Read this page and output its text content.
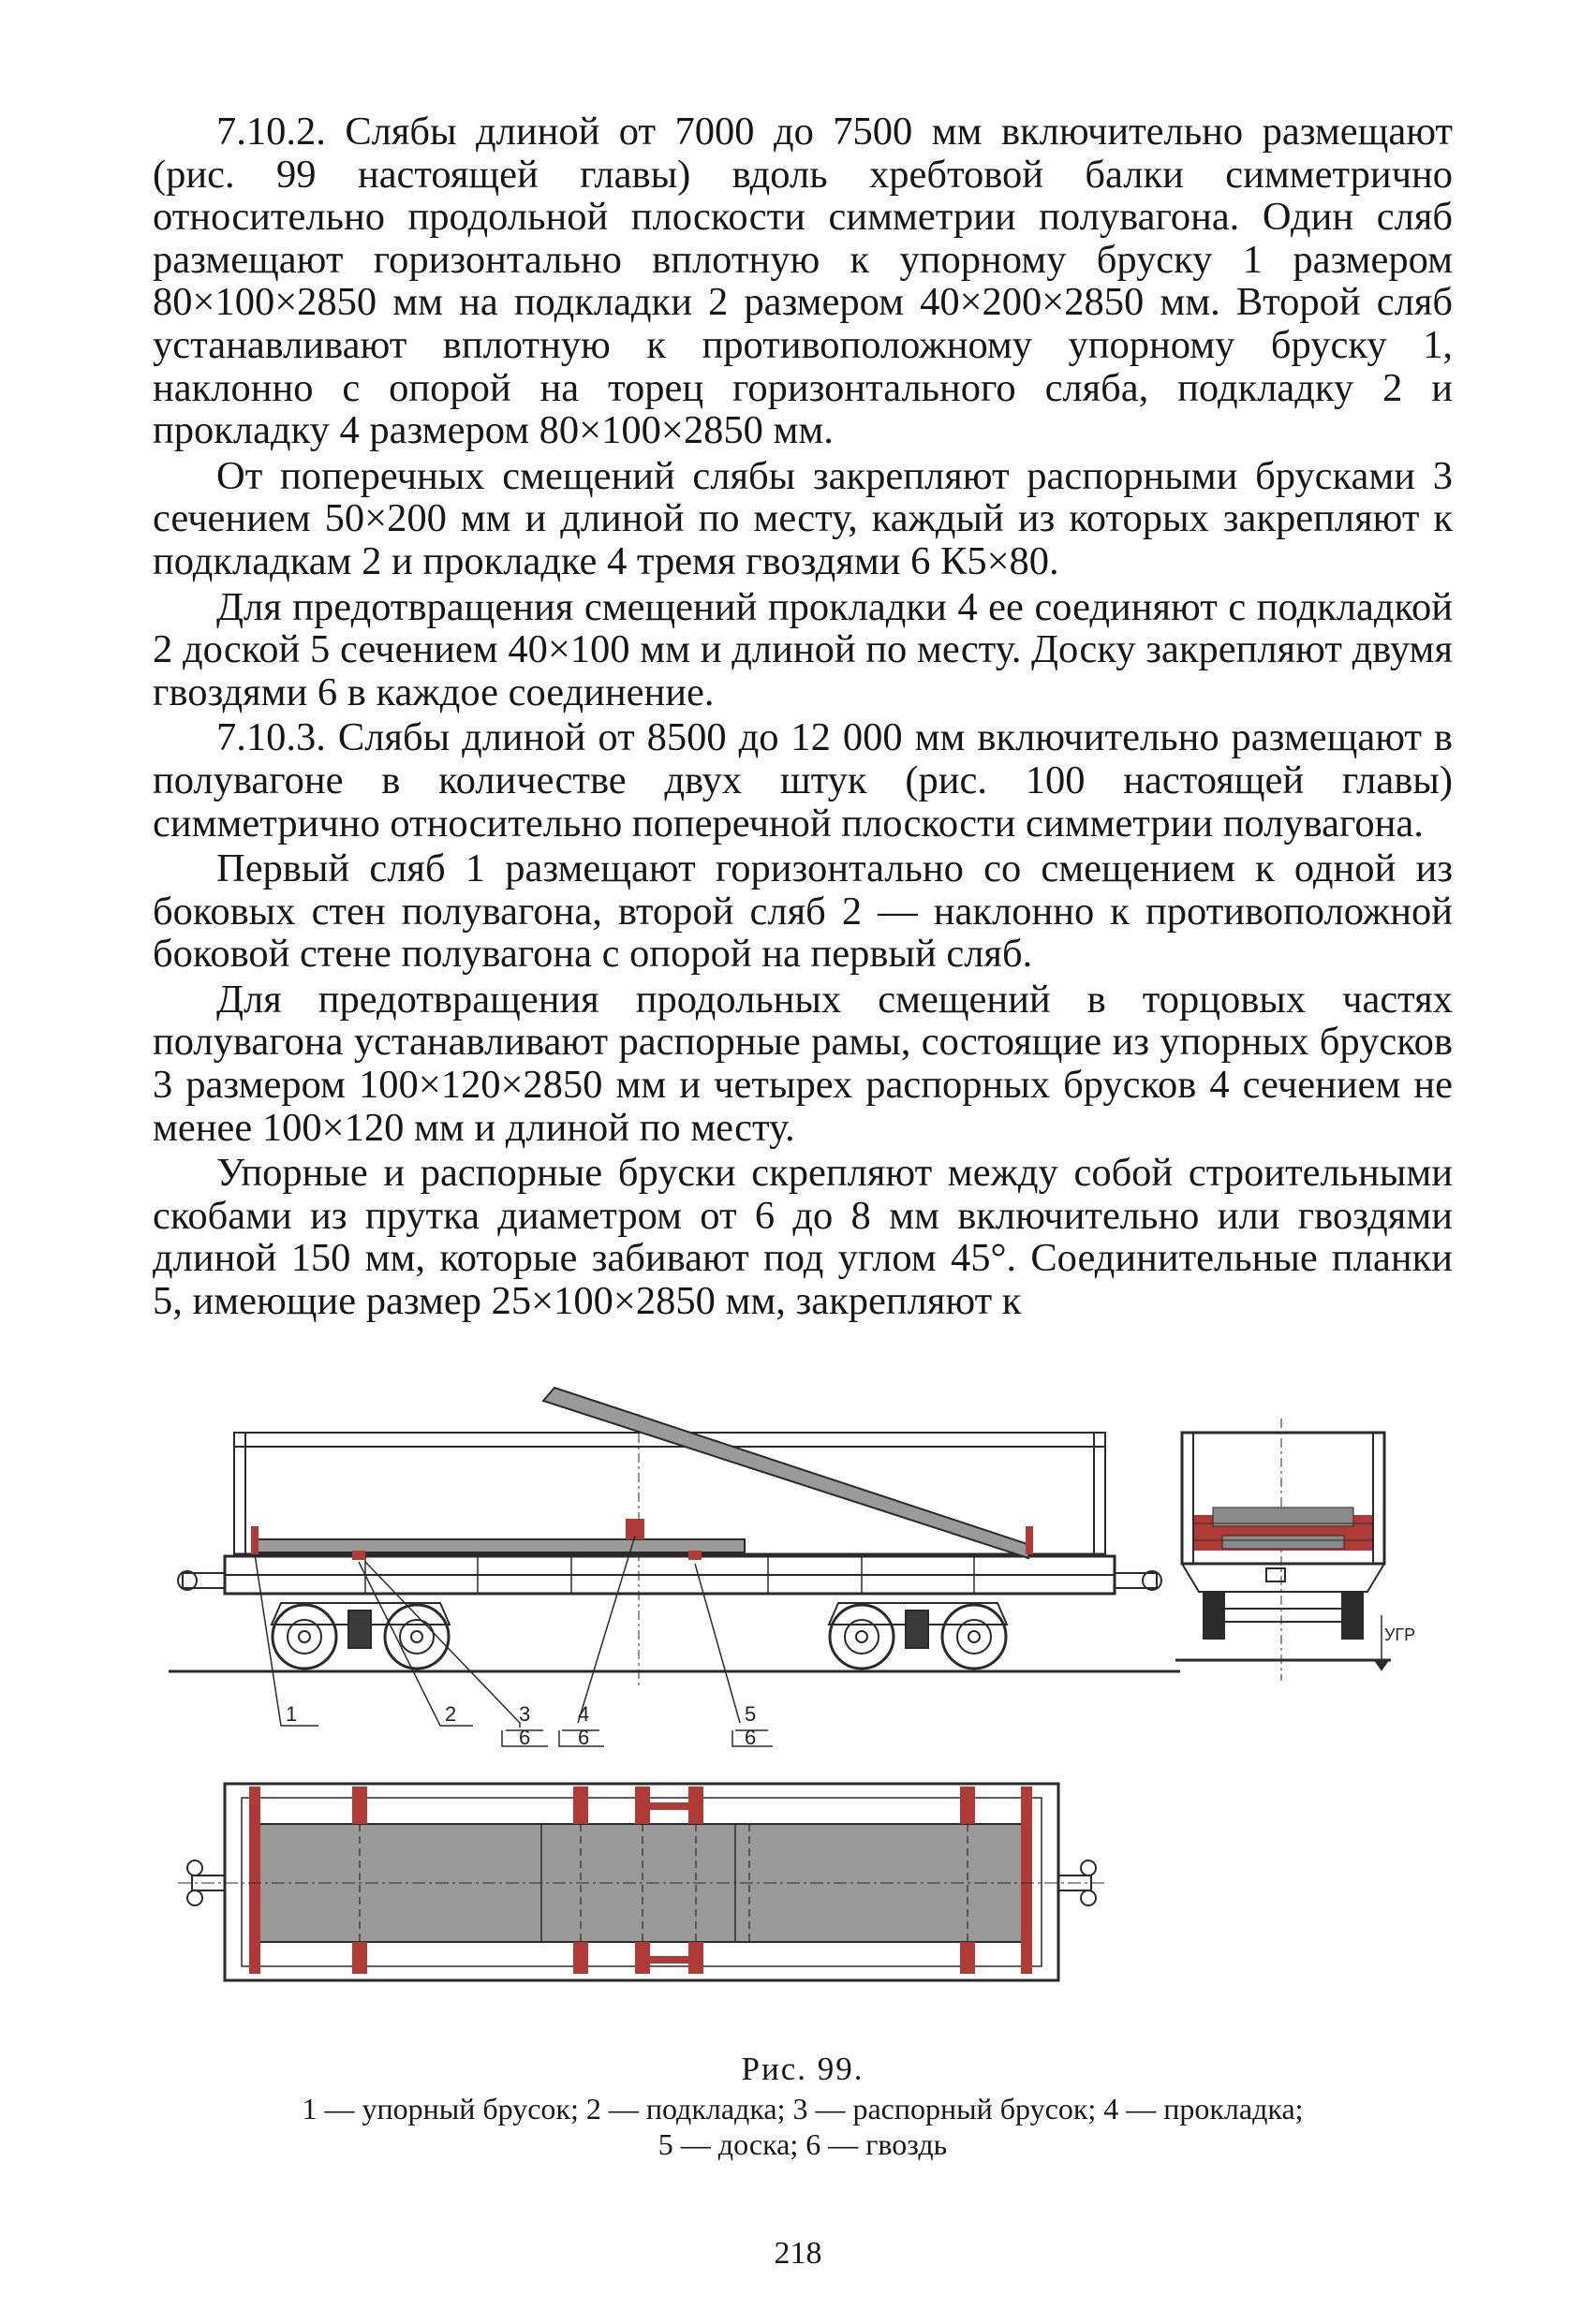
7.10.2. Слябы длиной от 7000 до 7500 мм включительно размещают (рис. 99 настоящей главы) вдоль хребтовой балки симметрично относительно продольной плоскости симметрии полувагона. Один сляб размещают горизонтально вплотную к упорному бруску 1 размером 80×100×2850 мм на подкладки 2 размером 40×200×2850 мм. Второй сляб устанавливают вплотную к противоположному упорному бруску 1, наклонно с опорой на торец горизонтального сляба, подкладку 2 и прокладку 4 размером 80×100×2850 мм.

От поперечных смещений слябы закрепляют распорными брусками 3 сечением 50×200 мм и длиной по месту, каждый из которых закрепляют к подкладкам 2 и прокладке 4 тремя гвоздями 6 К5×80.

Для предотвращения смещений прокладки 4 ее соединяют с подкладкой 2 доской 5 сечением 40×100 мм и длиной по месту. Доску закрепляют двумя гвоздями 6 в каждое соединение.

7.10.3. Слябы длиной от 8500 до 12 000 мм включительно размещают в полувагоне в количестве двух штук (рис. 100 настоящей главы) симметрично относительно поперечной плоскости симметрии полувагона.

Первый сляб 1 размещают горизонтально со смещением к одной из боковых стен полувагона, второй сляб 2 — наклонно к противоположной боковой стене полувагона с опорой на первый сляб.

Для предотвращения продольных смещений в торцовых частях полувагона устанавливают распорные рамы, состоящие из упорных брусков 3 размером 100×120×2850 мм и четырех распорных брусков 4 сечением не менее 100×120 мм и длиной по месту.

Упорные и распорные бруски скрепляют между собой строительными скобами из прутка диаметром от 6 до 8 мм включительно или гвоздями длиной 150 мм, которые забивают под углом 45°. Соединительные планки 5, имеющие размер 25×100×2850 мм, закрепляют к

1	2	3 4	5
6 6	6
УГР
Рис. 99.
1 — упорный брусок; 2 — подкладка; 3 — распорный брусок; 4 — прокладка;
5 — доска; 6 — гвоздь
218
